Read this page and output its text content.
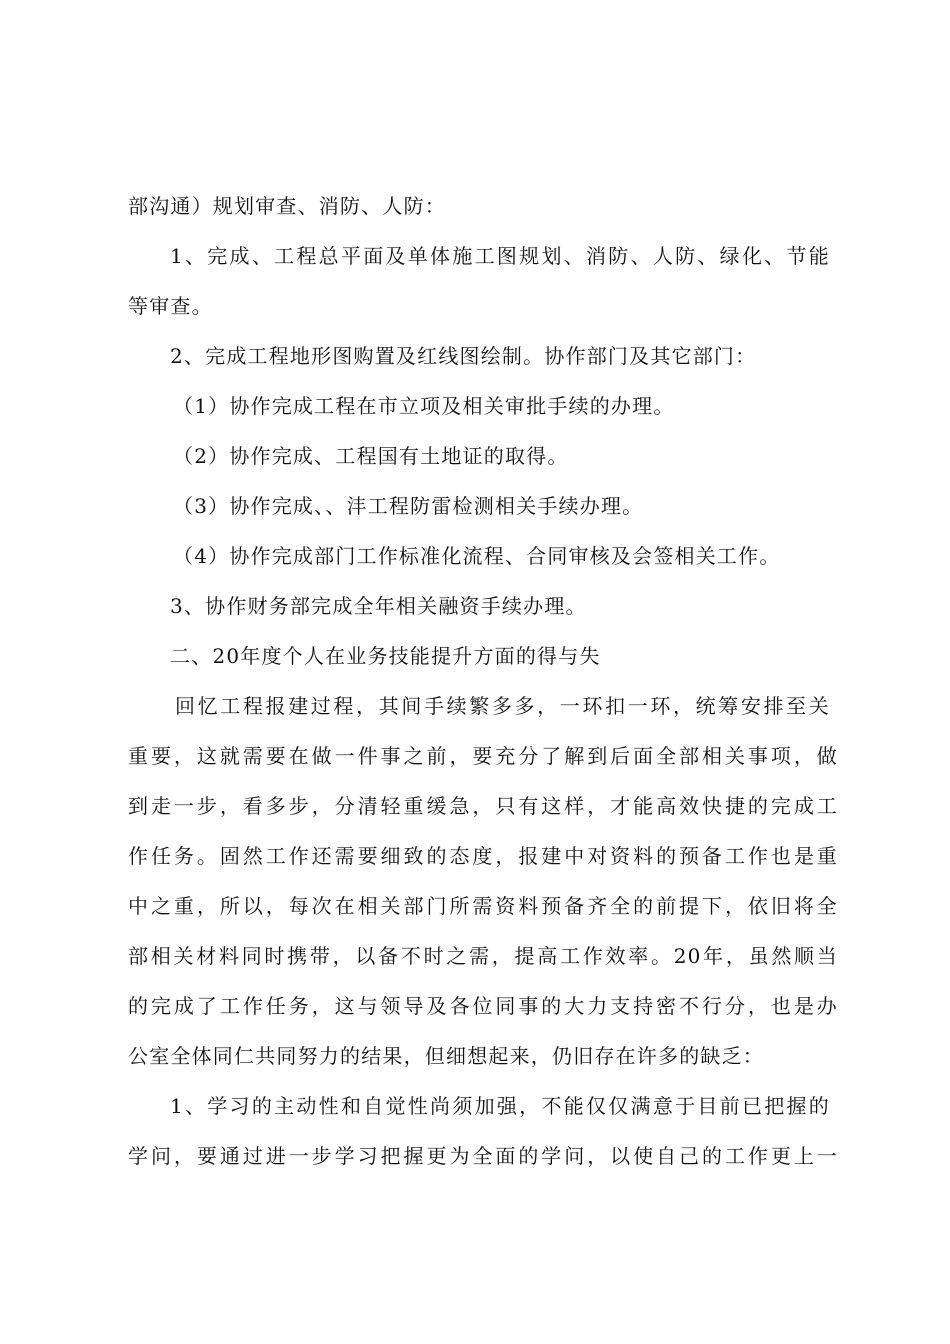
部沟通）规划审查、消防、人防：
1、完成、工程总平面及单体施工图规划、消防、人防、绿化、节能
等审查。
2、完成工程地形图购置及红线图绘制。协作部门及其它部门：
（1）协作完成工程在市立项及相关审批手续的办理。
（2）协作完成、工程国有土地证的取得。
（3）协作完成、、沣工程防雷检测相关手续办理。
（4）协作完成部门工作标准化流程、合同审核及会签相关工作。
3、协作财务部完成全年相关融资手续办理。
二、20年度个人在业务技能提升方面的得与失
回忆工程报建过程，其间手续繁多多，一环扣一环，统筹安排至关
重要，这就需要在做一件事之前，要充分了解到后面全部相关事项，做
到走一步，看多步，分清轻重缓急，只有这样，才能高效快捷的完成工
作任务。固然工作还需要细致的态度，报建中对资料的预备工作也是重
中之重，所以，每次在相关部门所需资料预备齐全的前提下，依旧将全
部相关材料同时携带，以备不时之需，提高工作效率。20年，虽然顺当
的完成了工作任务，这与领导及各位同事的大力支持密不行分，也是办
公室全体同仁共同努力的结果，但细想起来，仍旧存在许多的缺乏：
1、学习的主动性和自觉性尚须加强，不能仅仅满意于目前已把握的
学问，要通过进一步学习把握更为全面的学问，以使自己的工作更上一
